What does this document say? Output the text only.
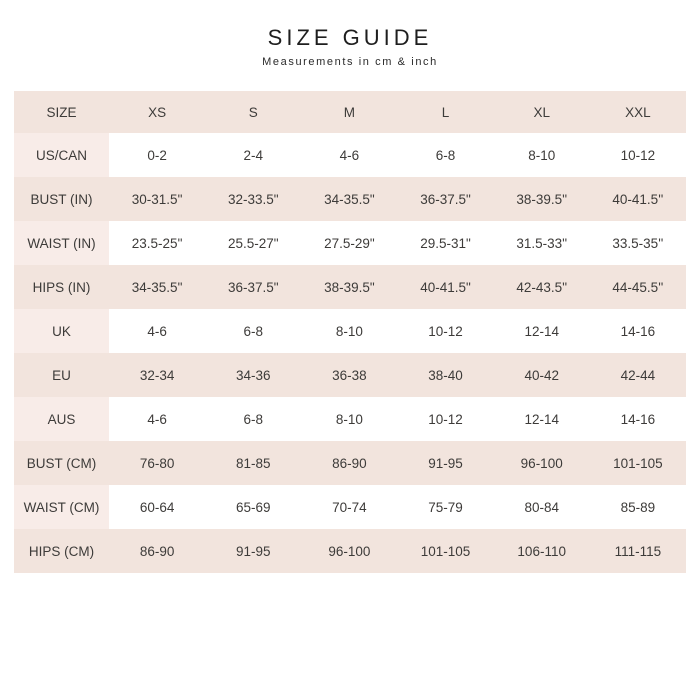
SIZE GUIDE
Measurements in cm & inch
SIZE	XS	S	M	L	XL	XXL
US/CAN	0-2	2-4	4-6	6-8	8-10	10-12
BUST (IN)	30-31.5"	32-33.5"	34-35.5"	36-37.5"	38-39.5"	40-41.5''
WAIST (IN)	23.5-25"	25.5-27"	27.5-29"	29.5-31"	31.5-33"	33.5-35''
HIPS (IN)	34-35.5"	36-37.5"	38-39.5"	40-41.5"	42-43.5"	44-45.5''
UK	4-6	6-8	8-10	10-12	12-14	14-16
EU	32-34	34-36	36-38	38-40	40-42	42-44
AUS	4-6	6-8	8-10	10-12	12-14	14-16
BUST (CM)	76-80	81-85	86-90	91-95	96-100	101-105
WAIST (CM)	60-64	65-69	70-74	75-79	80-84	85-89
HIPS (CM)	86-90	91-95	96-100	101-105	106-110	111-115
